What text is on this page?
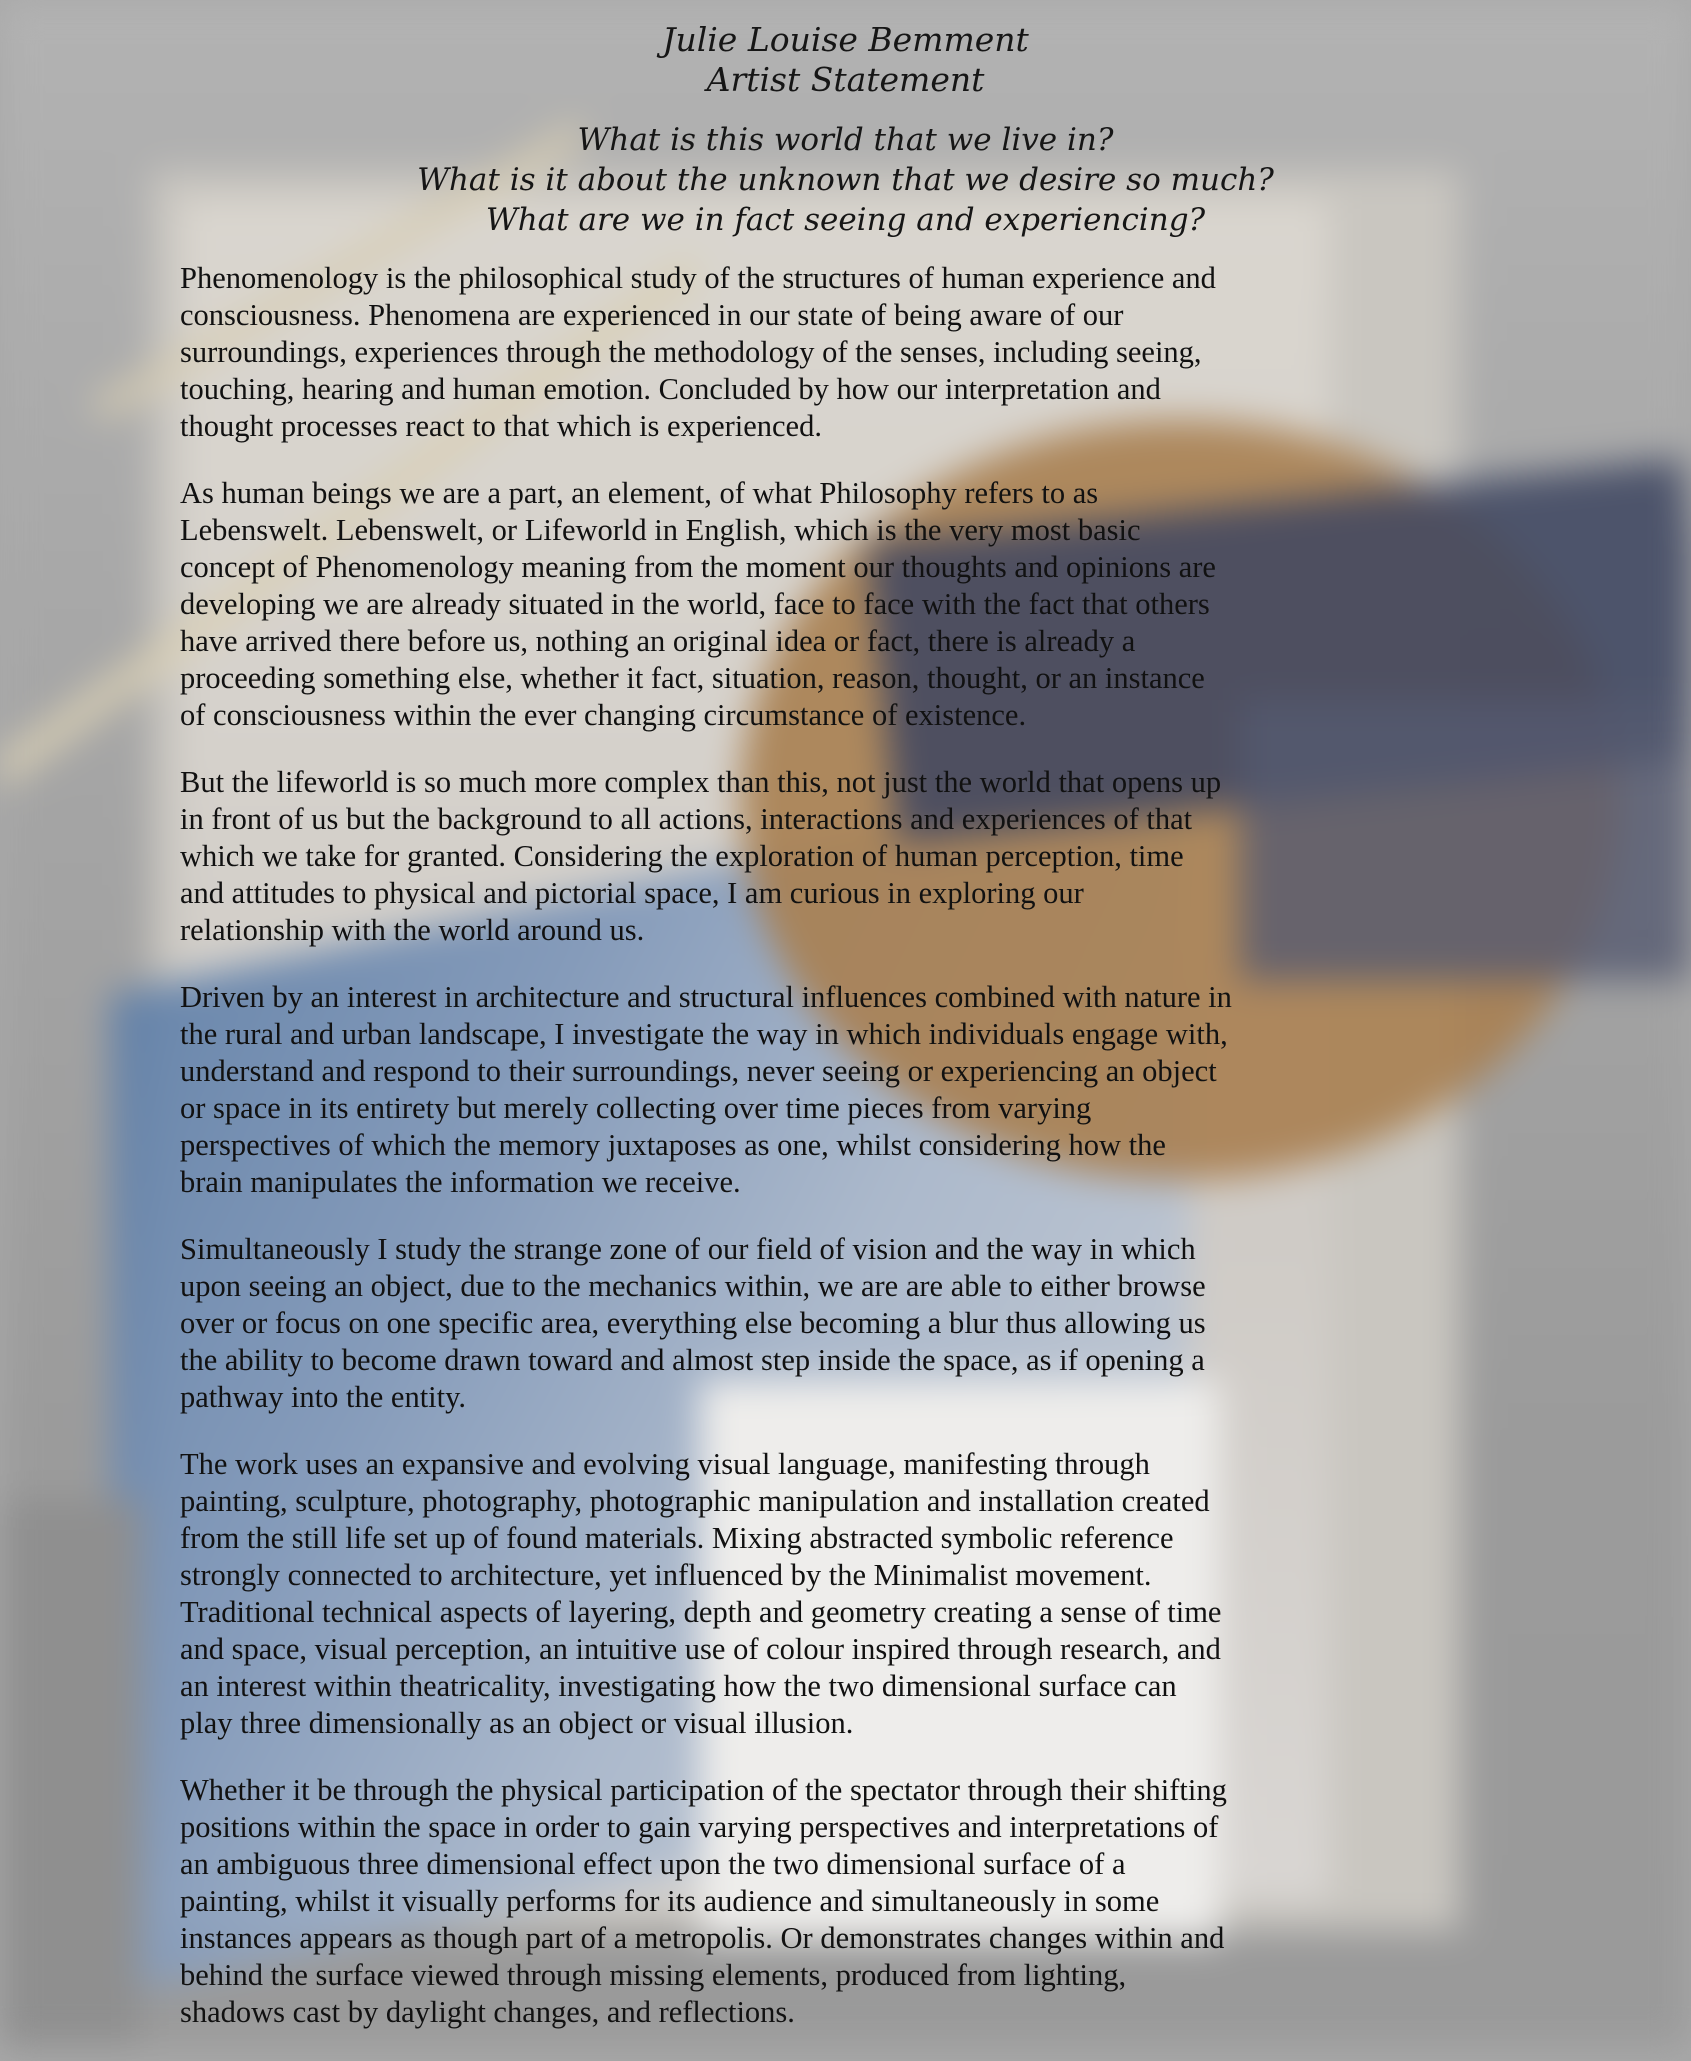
Julie Louise Bemment
Artist Statement
What is this world that we live in?
What is it about the unknown that we desire so much?
What are we in fact seeing and experiencing?

Phenomenology is the philosophical study of the structures of human experience and
consciousness. Phenomena are experienced in our state of being aware of our
surroundings, experiences through the methodology of the senses, including seeing,
touching, hearing and human emotion. Concluded by how our interpretation and
thought processes react to that which is experienced.

As human beings we are a part, an element, of what Philosophy refers to as
Lebenswelt. Lebenswelt, or Lifeworld in English, which is the very most basic
concept of Phenomenology meaning from the moment our thoughts and opinions are
developing we are already situated in the world, face to face with the fact that others
have arrived there before us, nothing an original idea or fact, there is already a
proceeding something else, whether it fact, situation, reason, thought, or an instance
of consciousness within the ever changing circumstance of existence.

But the lifeworld is so much more complex than this, not just the world that opens up
in front of us but the background to all actions, interactions and experiences of that
which we take for granted. Considering the exploration of human perception, time
and attitudes to physical and pictorial space, I am curious in exploring our
relationship with the world around us.

Driven by an interest in architecture and structural influences combined with nature in
the rural and urban landscape, I investigate the way in which individuals engage with,
understand and respond to their surroundings, never seeing or experiencing an object
or space in its entirety but merely collecting over time pieces from varying
perspectives of which the memory juxtaposes as one, whilst considering how the
brain manipulates the information we receive.

Simultaneously I study the strange zone of our field of vision and the way in which
upon seeing an object, due to the mechanics within, we are are able to either browse
over or focus on one specific area, everything else becoming a blur thus allowing us
the ability to become drawn toward and almost step inside the space, as if opening a
pathway into the entity.

The work uses an expansive and evolving visual language, manifesting through
painting, sculpture, photography, photographic manipulation and installation created
from the still life set up of found materials. Mixing abstracted symbolic reference
strongly connected to architecture, yet influenced by the Minimalist movement.
Traditional technical aspects of layering, depth and geometry creating a sense of time
and space, visual perception, an intuitive use of colour inspired through research, and
an interest within theatricality, investigating how the two dimensional surface can
play three dimensionally as an object or visual illusion.

Whether it be through the physical participation of the spectator through their shifting
positions within the space in order to gain varying perspectives and interpretations of
an ambiguous three dimensional effect upon the two dimensional surface of a
painting, whilst it visually performs for its audience and simultaneously in some
instances appears as though part of a metropolis. Or demonstrates changes within and
behind the surface viewed through missing elements, produced from lighting,
shadows cast by daylight changes, and reflections.
